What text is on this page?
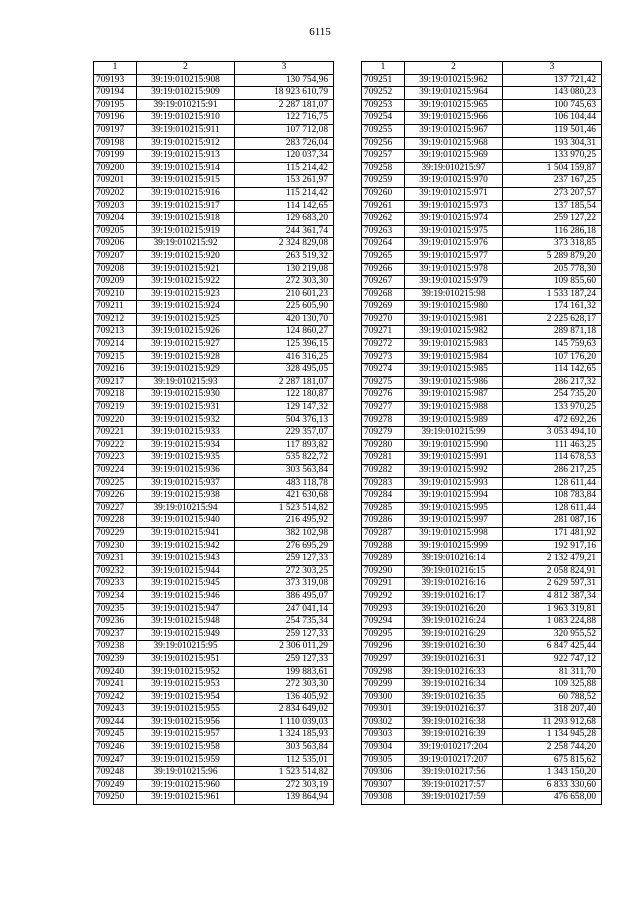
6115
1	2	3
709193	39:19:010215:908	130 754,96
709194	39:19:010215:909	18 923 610,79
709195	39:19:010215:91	2 287 181,07
709196	39:19:010215:910	122 716,75
709197	39:19:010215:911	107 712,08
709198	39:19:010215:912	283 726,04
709199	39:19:010215:913	120 037,34
709200	39:19:010215:914	115 214,42
709201	39:19:010215:915	153 261,97
709202	39:19:010215:916	115 214,42
709203	39:19:010215:917	114 142,65
709204	39:19:010215:918	129 683,20
709205	39:19:010215:919	244 361,74
709206	39:19:010215:92	2 324 829,08
709207	39:19:010215:920	263 519,32
709208	39:19:010215:921	130 219,08
709209	39:19:010215:922	272 303,30
709210	39:19:010215:923	210 601,23
709211	39:19:010215:924	225 605,90
709212	39:19:010215:925	420 130,70
709213	39:19:010215:926	124 860,27
709214	39:19:010215:927	125 396,15
709215	39:19:010215:928	416 316,25
709216	39:19:010215:929	328 495,05
709217	39:19:010215:93	2 287 181,07
709218	39:19:010215:930	122 180,87
709219	39:19:010215:931	129 147,32
709220	39:19:010215:932	504 376,13
709221	39:19:010215:933	229 357,07
709222	39:19:010215:934	117 893,82
709223	39:19:010215:935	535 822,72
709224	39:19:010215:936	303 563,84
709225	39:19:010215:937	483 118,78
709226	39:19:010215:938	421 630,68
709227	39:19:010215:94	1 523 514,82
709228	39:19:010215:940	216 495,92
709229	39:19:010215:941	382 102,98
709230	39:19:010215:942	276 695,29
709231	39:19:010215:943	259 127,33
709232	39:19:010215:944	272 303,25
709233	39:19:010215:945	373 319,08
709234	39:19:010215:946	386 495,07
709235	39:19:010215:947	247 041,14
709236	39:19:010215:948	254 735,34
709237	39:19:010215:949	259 127,33
709238	39:19:010215:95	2 306 011,29
709239	39:19:010215:951	259 127,33
709240	39:19:010215:952	199 883,61
709241	39:19:010215:953	272 303,30
709242	39:19:010215:954	136 405,92
709243	39:19:010215:955	2 834 649,02
709244	39:19:010215:956	1 110 039,03
709245	39:19:010215:957	1 324 185,93
709246	39:19:010215:958	303 563,84
709247	39:19:010215:959	112 535,01
709248	39:19:010215:96	1 523 514,82
709249	39:19:010215:960	272 303,19
709250	39:19:010215:961	139 864,94
1	2	3
709251	39:19:010215:962	137 721,42
709252	39:19:010215:964	143 080,23
709253	39:19:010215:965	100 745,63
709254	39:19:010215:966	106 104,44
709255	39:19:010215:967	119 501,46
709256	39:19:010215:968	193 304,31
709257	39:19:010215:969	133 970,25
709258	39:19:010215:97	1 504 159,87
709259	39:19:010215:970	237 167,25
709260	39:19:010215:971	273 207,57
709261	39:19:010215:973	137 185,54
709262	39:19:010215:974	259 127,22
709263	39:19:010215:975	116 286,18
709264	39:19:010215:976	373 318,85
709265	39:19:010215:977	5 289 879,20
709266	39:19:010215:978	205 778,30
709267	39:19:010215:979	109 855,60
709268	39:19:010215:98	1 533 187,24
709269	39:19:010215:980	174 161,32
709270	39:19:010215:981	2 225 628,17
709271	39:19:010215:982	289 871,18
709272	39:19:010215:983	145 759,63
709273	39:19:010215:984	107 176,20
709274	39:19:010215:985	114 142,65
709275	39:19:010215:986	286 217,32
709276	39:19:010215:987	254 735,20
709277	39:19:010215:988	133 970,25
709278	39:19:010215:989	472 692,26
709279	39:19:010215:99	3 053 494,10
709280	39:19:010215:990	111 463,25
709281	39:19:010215:991	114 678,53
709282	39:19:010215:992	286 217,25
709283	39:19:010215:993	128 611,44
709284	39:19:010215:994	108 783,84
709285	39:19:010215:995	128 611,44
709286	39:19:010215:997	281 087,16
709287	39:19:010215:998	171 481,92
709288	39:19:010215:999	192 917,16
709289	39:19:010216:14	2 132 479,21
709290	39:19:010216:15	2 058 824,91
709291	39:19:010216:16	2 629 597,31
709292	39:19:010216:17	4 812 387,34
709293	39:19:010216:20	1 963 319,81
709294	39:19:010216:24	1 083 224,88
709295	39:19:010216:29	320 955,52
709296	39:19:010216:30	6 847 425,44
709297	39:19:010216:31	922 747,12
709298	39:19:010216:33	81 311,70
709299	39:19:010216:34	109 325,88
709300	39:19:010216:35	60 788,52
709301	39:19:010216:37	318 207,40
709302	39:19:010216:38	11 293 912,68
709303	39:19:010216:39	1 134 945,28
709304	39:19:010217:204	2 258 744,20
709305	39:19:010217:207	675 815,62
709306	39:19:010217:56	1 343 150,20
709307	39:19:010217:57	6 833 330,60
709308	39:19:010217:59	476 658,00
